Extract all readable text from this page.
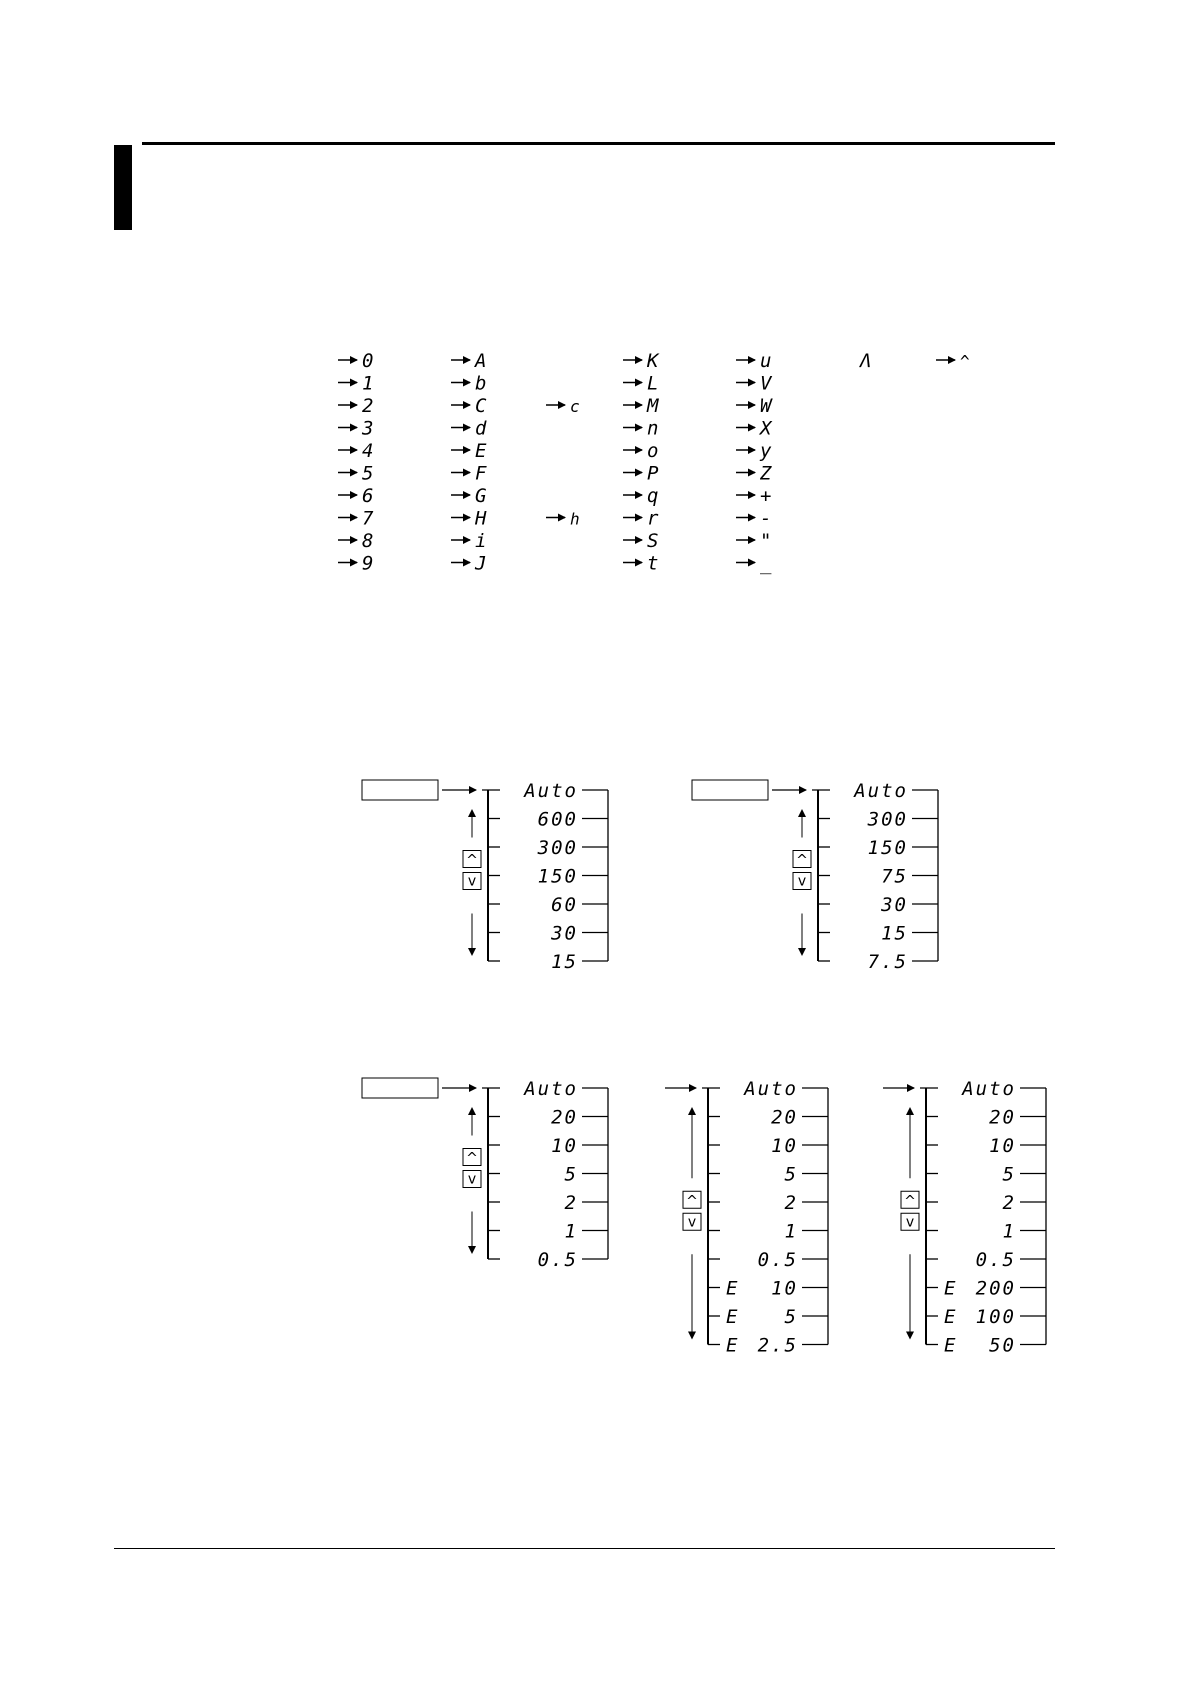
0
1
2
3
4
5
6
7
8
9
A
b
C
d
E
F
G
H
i
J
c
h
K
L
M
n
o
P
q
r
S
t
u
V
W
X
y
Z
+
-
"
_
Λ	^
Auto
600
300
150
60
30
15
^
v
Auto
300
150
75
30
15
7.5
^
v
Auto
20
10
5
2
1
0.5
^
v
Auto
20
10
5
2
1
0.5
10
E
5
E
2.5
E
^
v
Auto
20
10
5
2
1
0.5
200
E
100
E
50
E
^
v
